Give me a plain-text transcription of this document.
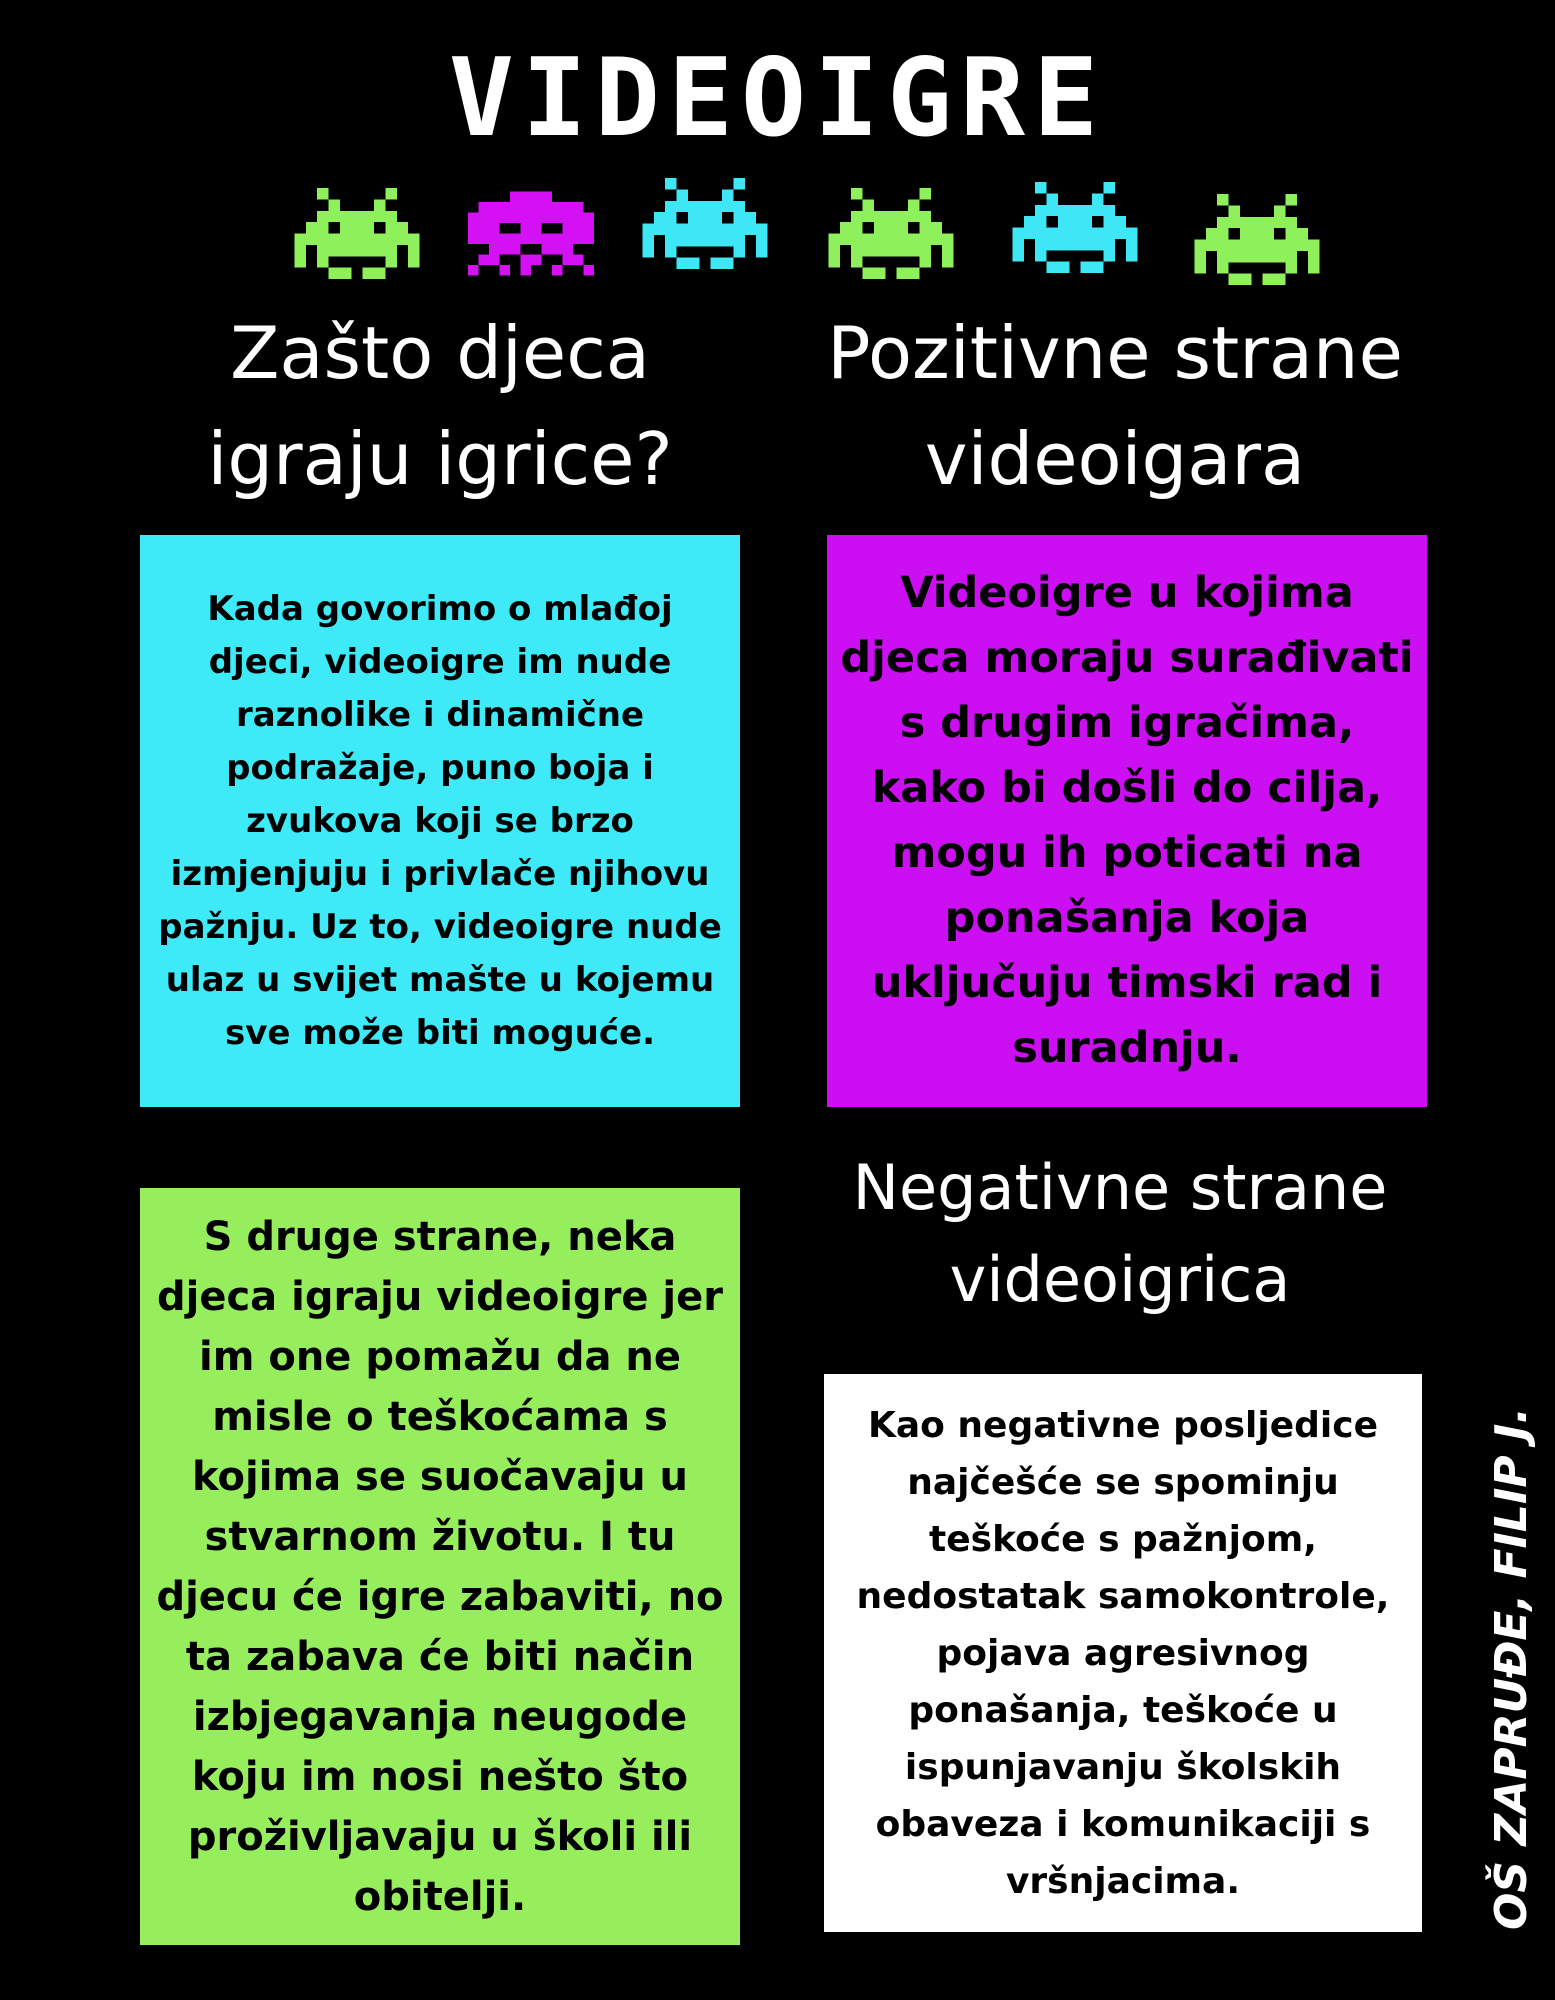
VIDEOIGRE
Zašto djeca
igraju igrice?
Pozitivne strane
videoigara

Kada govorimo o mlađoj djeci, videoigre im nude raznolike i dinamične podražaje, puno boja i zvukova koji se brzo izmjenjuju i privlače njihovu pažnju. Uz to, videoigre nude ulaz u svijet mašte u kojemu sve može biti moguće.

Videoigre u kojima djeca moraju surađivati s drugim igračima, kako bi došli do cilja, mogu ih poticati na ponašanja koja uključuju timski rad i suradnju.

S druge strane, neka djeca igraju videoigre jer im one pomažu da ne misle o teškoćama s kojima se suočavaju u stvarnom životu. I tu djecu će igre zabaviti, no ta zabava će biti način izbjegavanja neugode koju im nosi nešto što proživljavaju u školi ili obitelji.

Negativne strane
videoigrica

Kao negativne posljedice najčešće se spominju teškoće s pažnjom, nedostatak samokontrole, pojava agresivnog ponašanja, teškoće u ispunjavanju školskih obaveza i komunikaciji s vršnjacima.	OŠ ZAPRUĐE, FILIP J.
